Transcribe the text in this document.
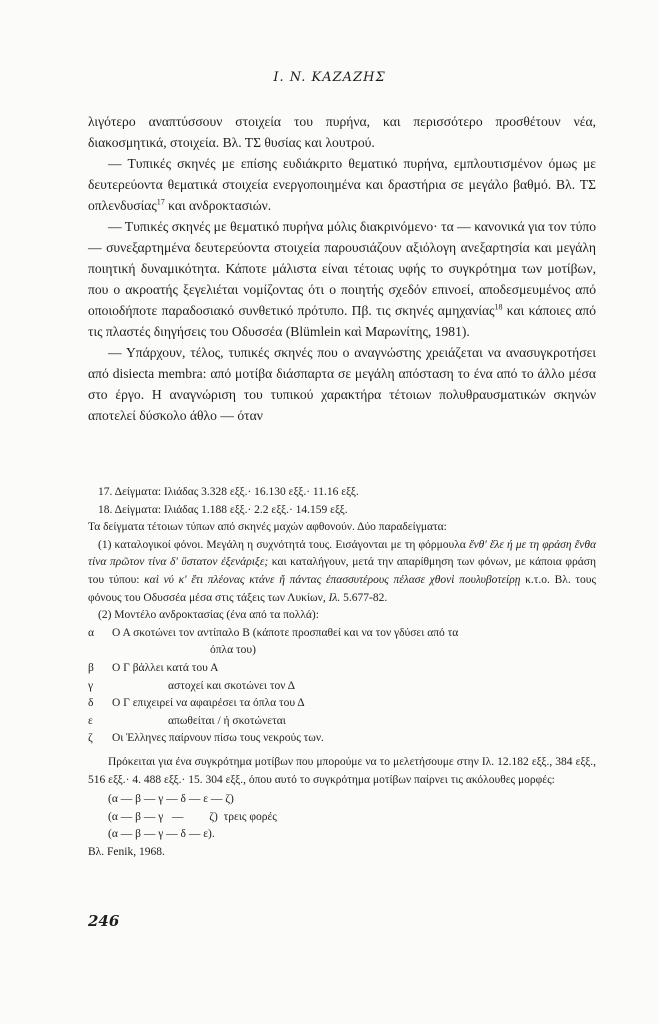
I. N. ΚΑΖΑΖΗΣ

λιγότερο αναπτύσσουν στοιχεία του πυρήνα, και περισσότερο προσθέτουν νέα, διακοσμητικά, στοιχεία. Βλ. ΤΣ θυσίας και λουτρού.

— Τυπικές σκηνές με επίσης ευδιάκριτο θεματικό πυρήνα, εμπλουτισμένον όμως με δευτερεύοντα θεματικά στοιχεία ενεργοποιημένα και δραστήρια σε μεγάλο βαθμό. Βλ. ΤΣ οπλενδυσίας$^{17}$ και ανδροκτασιών.

— Τυπικές σκηνές με θεματικό πυρήνα μόλις διακρινόμενο· τα — κανονικά για τον τύπο — συνεξαρτημένα δευτερεύοντα στοιχεία παρουσιάζουν αξιόλογη ανεξαρτησία και μεγάλη ποιητική δυναμικότητα. Κάποτε μάλιστα είναι τέτοιας υφής το συγκρότημα των μοτίβων, που ο ακροατής ξεγελιέται νομίζοντας ότι ο ποιητής σχεδόν επινοεί, αποδεσμευμένος από οποιοδήποτε παραδοσιακό συνθετικό πρότυπο. Πβ. τις σκηνές αμηχανίας$^{18}$ και κάποιες από τις πλαστές διηγήσεις του Οδυσσέα (Blümlein καὶ Μαρωνίτης, 1981).

— Υπάρχουν, τέλος, τυπικές σκηνές που ο αναγνώστης χρειάζεται να ανασυγκροτήσει από disiecta membra: από μοτίβα διάσπαρτα σε μεγάλη απόσταση το ένα από το άλλο μέσα στο έργο. Η αναγνώριση του τυπικού χαρακτήρα τέτοιων πολυθραυσματικών σκηνών αποτελεί δύσκολο άθλο — όταν

17. Δείγματα: Ιλιάδας 3.328 εξξ.· 16.130 εξξ.· 11.16 εξξ.

18. Δείγματα: Ιλιάδας 1.188 εξξ.· 2.2 εξξ.· 14.159 εξξ.

Τα δείγματα τέτοιων τύπων από σκηνές μαχών αφθονούν. Δύο παραδείγματα:

(1) καταλογικοί φόνοι. Μεγάλη η συχνότητά τους. Εισάγονται με τη φόρμουλα ἔνθ' ἕλε ή με τη φράση ἔνθα τίνα πρῶτον τίνα δ' ὕστατον ἐξενάριξε; και καταλήγουν, μετά την απαρίθμηση των φόνων, με κάποια φράση του τύπου: καὶ νύ κ' ἔτι πλέονας κτάνε ἤ πάντας ἐπασσυτέρους πέλασε χθονὶ πουλυβοτείρῃ κ.τ.ο. Βλ. τους φόνους του Οδυσσέα μέσα στις τάξεις των Λυκίων, Ιλ. 5.677-82.

(2) Μοντέλο ανδροκτασίας (ένα από τα πολλά):

α	Ο Α σκοτώνει τον αντίπαλο Β (κάποτε προσπαθεί και να τον γδύσει από τα
όπλα του)
β	Ο Γ βάλλει κατά του Α
γ	αστοχεί και σκοτώνει τον Δ
δ	Ο Γ επιχειρεί να αφαιρέσει τα όπλα του Δ
ε	απωθείται / ή σκοτώνεται
ζ	Οι Έλληνες παίρνουν πίσω τους νεκρούς των.

Πρόκειται για ένα συγκρότημα μοτίβων που μπορούμε να το μελετήσουμε στην Ιλ. 12.182 εξξ., 384 εξξ., 516 εξξ.· 4. 488 εξξ.· 15. 304 εξξ., όπου αυτό το συγκρότημα μοτίβων παίρνει τις ακόλουθες μορφές:

(α — β — γ — δ — ε — ζ)
(α — β — γ   —         ζ)  τρεις φορές
(α — β — γ — δ — ε).

Βλ. Fenik, 1968.

246
